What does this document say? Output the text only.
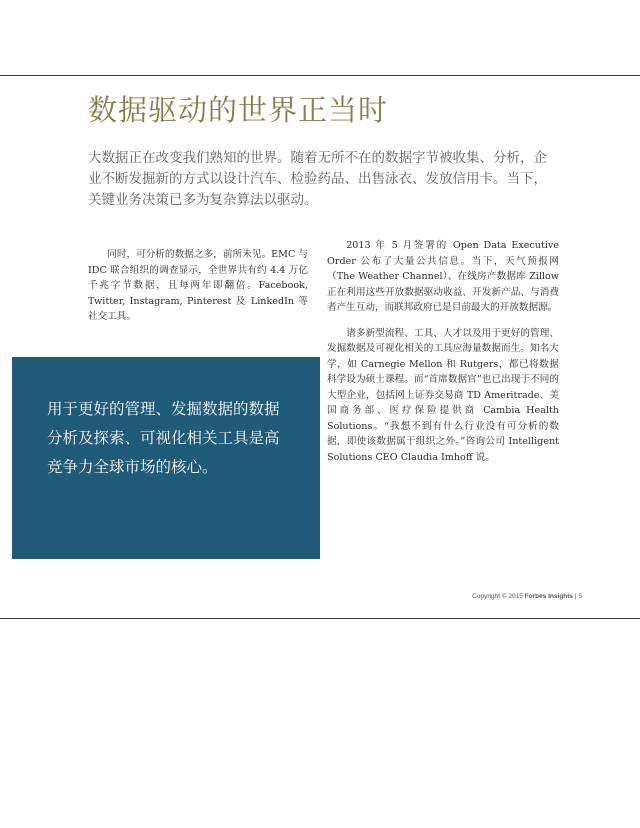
数据驱动的世界正当时

大数据正在改变我们熟知的世界。随着无所不在的数据字节被收集、分析，企业不断发掘新的方式以设计汽车、检验药品、出售泳衣、发放信用卡。当下，关键业务决策已多为复杂算法以驱动。

同时，可分析的数据之多，前所未见。EMC 与 IDC 联合组织的调查显示，全世界共有约 4.4 万亿千兆字节数据，且每两年即翻倍。Facebook, Twitter, Instagram, Pinterest 及 LinkedIn 等社交工具。

2013 年 5 月签署的 Open Data Executive Order 公布了大量公共信息。当下，天气预报网（The Weather Channel）、在线房产数据库 Zillow 正在利用这些开放数据驱动收益、开发新产品、与消费者产生互动，而联邦政府已是目前最大的开放数据源。

诸多新型流程、工具、人才以及用于更好的管理、发掘数据及可视化相关的工具应海量数据而生。知名大学，如 Carnegie Mellon 和 Rutgers，都已将数据科学设为硕士课程。而“首席数据官”也已出现于不同的大型企业，包括网上证券交易商 TD Ameritrade、美国商务部、医疗保险提供商 Cambia Health Solutions。“我想不到有什么行业没有可分析的数据，即使该数据属于组织之外。”咨询公司 Intelligent Solutions CEO Claudia Imhoff 说。

用于更好的管理、发掘数据的数据分析及探索、可视化相关工具是高竞争力全球市场的核心。

Copyright © 2015 Forbes Insights | 5
